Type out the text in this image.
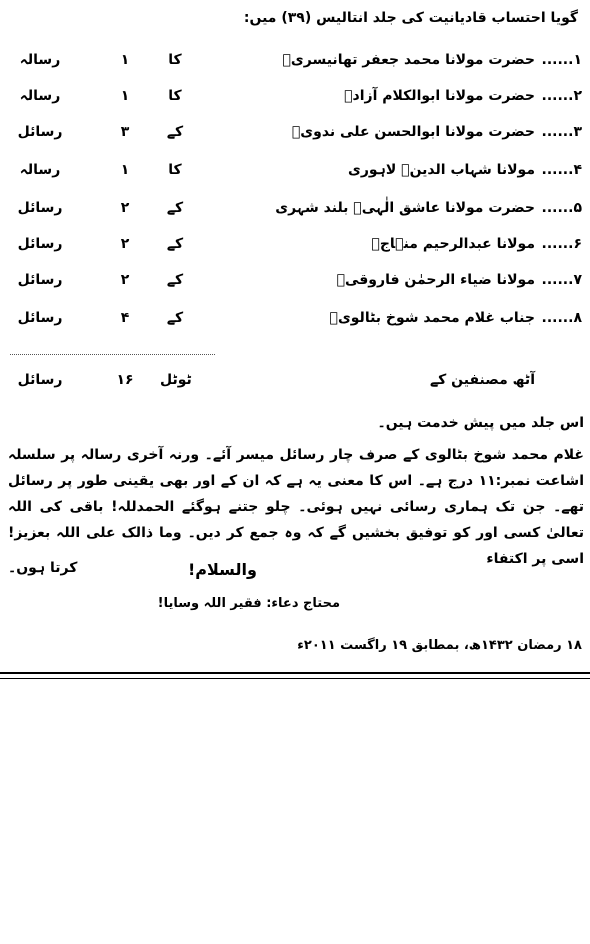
گویا احتساب قادیانیت کی جلد انتالیس (۳۹) میں:
۱......
حضرت مولانا محمد جعفر تھانیسریؒ
کا
۱
رسالہ
۲......
حضرت مولانا ابوالکلام آزادؒ
کا
۱
رسالہ
۳......
حضرت مولانا ابوالحسن علی ندویؒ
کے
۳
رسائل
۴......
مولانا شہاب الدینؒ لاہوری
کا
۱
رسالہ
۵......
حضرت مولانا عاشق الٰہیؒ بلند شہری
کے
۲
رسائل
۶......
مولانا عبدالرحیم منہاجؒ
کے
۲
رسائل
۷......
مولانا ضیاء الرحمٰن فاروقیؒ
کے
۲
رسائل
۸......
جناب غلام محمد شوخ بٹالویؒ
کے
۴
رسائل
آٹھ مصنفین کے
ٹوٹل
۱۶
رسائل
اس جلد میں پیش خدمت ہیں۔
غلام محمد شوخ بٹالوی کے صرف چار رسائل میسر آئے۔ ورنہ آخری رسالہ پر سلسلہ اشاعت نمبر:۱۱ درج ہے۔ اس کا معنی یہ ہے کہ ان کے اور بھی یقینی طور پر رسائل تھے۔ جن تک ہماری رسائی نہیں ہوئی۔ چلو جتنے ہوگئے الحمدللہ! باقی کی اللہ تعالیٰ کسی اور کو توفیق بخشیں گے کہ وہ جمع کر دیں۔ وما ذالک علی اللہ بعزیز! اسی پر اکتفاء
کرتا ہوں۔	والسلام!
محتاج دعاء: فقیر اللہ وسایا!
۱۸ رمضان ۱۴۳۲ھ، بمطابق ۱۹ راگست ۲۰۱۱ء
